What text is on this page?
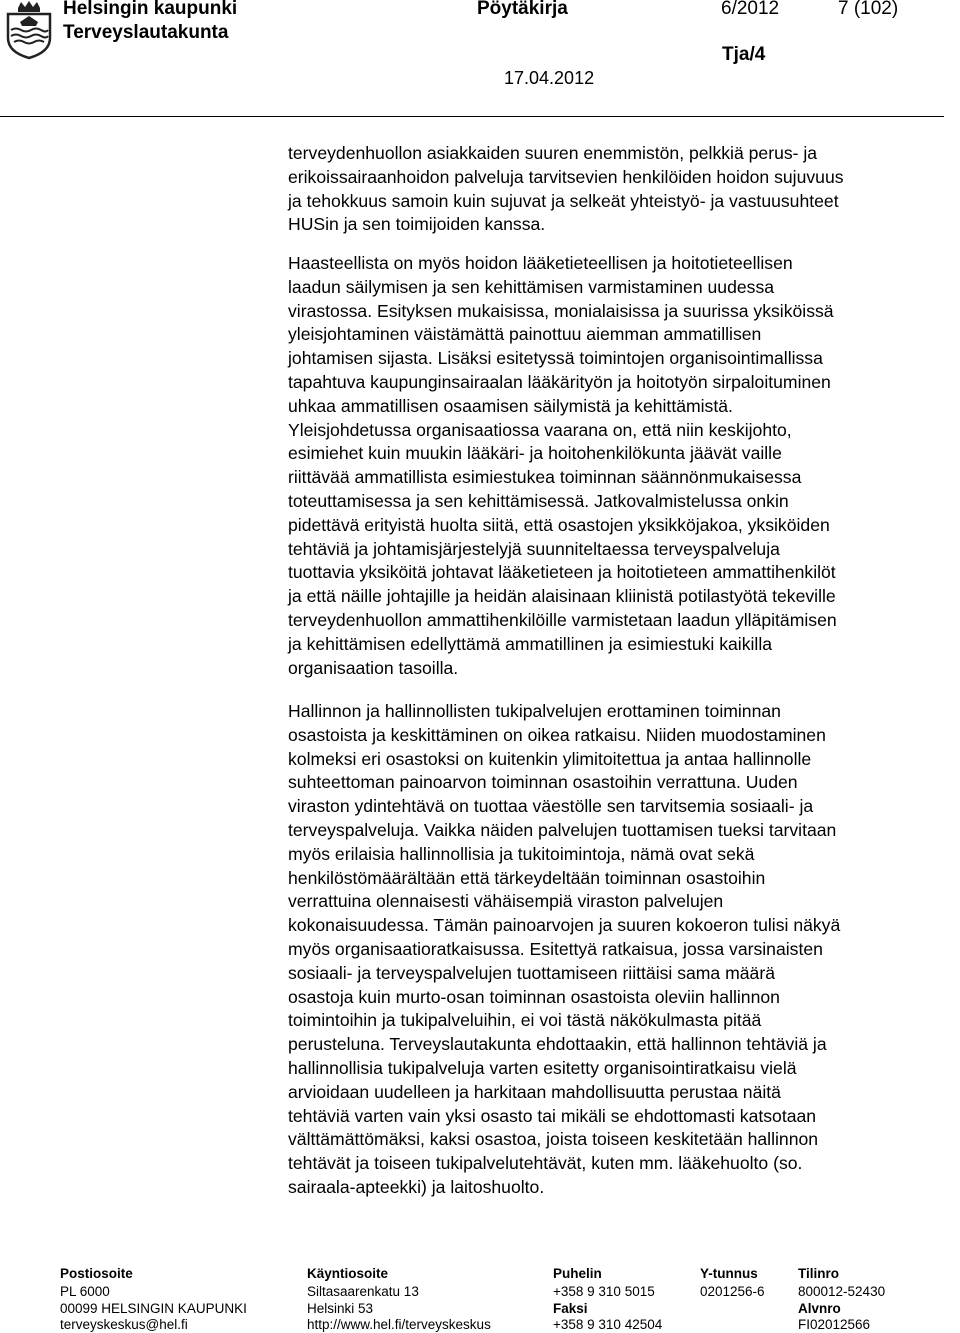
Helsingin kaupunki
Terveyslautakunta
Pöytäkirja	6/2012	7 (102)
Tja/4
17.04.2012
terveydenhuollon asiakkaiden suuren enemmistön, pelkkiä perus- ja
erikoissairaanhoidon palveluja tarvitsevien henkilöiden hoidon sujuvuus
ja tehokkuus samoin kuin sujuvat ja selkeät yhteistyö- ja vastuusuhteet
HUSin ja sen toimijoiden kanssa.
Haasteellista on myös hoidon lääketieteellisen ja hoitotieteellisen
laadun säilymisen ja sen kehittämisen varmistaminen uudessa
virastossa. Esityksen mukaisissa, monialaisissa ja suurissa yksiköissä
yleisjohtaminen väistämättä painottuu aiemman ammatillisen
johtamisen sijasta. Lisäksi esitetyssä toimintojen organisointimallissa
tapahtuva kaupunginsairaalan lääkärityön ja hoitotyön sirpaloituminen
uhkaa ammatillisen osaamisen säilymistä ja kehittämistä.
Yleisjohdetussa organisaatiossa vaarana on, että niin keskijohto,
esimiehet kuin muukin lääkäri- ja hoitohenkilökunta jäävät vaille
riittävää ammatillista esimiestukea toiminnan säännönmukaisessa
toteuttamisessa ja sen kehittämisessä. Jatkovalmistelussa onkin
pidettävä erityistä huolta siitä, että osastojen yksikköjakoa, yksiköiden
tehtäviä ja johtamisjärjestelyjä suunniteltaessa terveyspalveluja
tuottavia yksiköitä johtavat lääketieteen ja hoitotieteen ammattihenkilöt
ja että näille johtajille ja heidän alaisinaan kliinistä potilastyötä tekeville
terveydenhuollon ammattihenkilöille varmistetaan laadun ylläpitämisen
ja kehittämisen edellyttämä ammatillinen ja esimiestuki kaikilla
organisaation tasoilla.
Hallinnon ja hallinnollisten tukipalvelujen erottaminen toiminnan
osastoista ja keskittäminen on oikea ratkaisu. Niiden muodostaminen
kolmeksi eri osastoksi on kuitenkin ylimitoitettua ja antaa hallinnolle
suhteettoman painoarvon toiminnan osastoihin verrattuna. Uuden
viraston ydintehtävä on tuottaa väestölle sen tarvitsemia sosiaali- ja
terveyspalveluja. Vaikka näiden palvelujen tuottamisen tueksi tarvitaan
myös erilaisia hallinnollisia ja tukitoimintoja, nämä ovat sekä
henkilöstömäärältään että tärkeydeltään toiminnan osastoihin
verrattuina olennaisesti vähäisempiä viraston palvelujen
kokonaisuudessa. Tämän painoarvojen ja suuren kokoeron tulisi näkyä
myös organisaatioratkaisussa. Esitettyä ratkaisua, jossa varsinaisten
sosiaali- ja terveyspalvelujen tuottamiseen riittäisi sama määrä
osastoja kuin murto-osan toiminnan osastoista oleviin hallinnon
toimintoihin ja tukipalveluihin, ei voi tästä näkökulmasta pitää
perusteluna. Terveyslautakunta ehdottaakin, että hallinnon tehtäviä ja
hallinnollisia tukipalveluja varten esitetty organisointiratkaisu vielä
arvioidaan uudelleen ja harkitaan mahdollisuutta perustaa näitä
tehtäviä varten vain yksi osasto tai mikäli se ehdottomasti katsotaan
välttämättömäksi, kaksi osastoa, joista toiseen keskitetään hallinnon
tehtävät ja toiseen tukipalvelutehtävät, kuten mm. lääkehuolto (so.
sairaala-apteekki) ja laitoshuolto.
Postiosoite
PL 6000
00099 HELSINGIN KAUPUNKI
terveyskeskus@hel.fi
Käyntiosoite
Siltasaarenkatu 13
Helsinki 53
http://www.hel.fi/terveyskeskus
Puhelin
+358 9 310 5015
Faksi
+358 9 310 42504
Y-tunnus
0201256-6
Tilinro
800012-52430
Alvnro
FI02012566
